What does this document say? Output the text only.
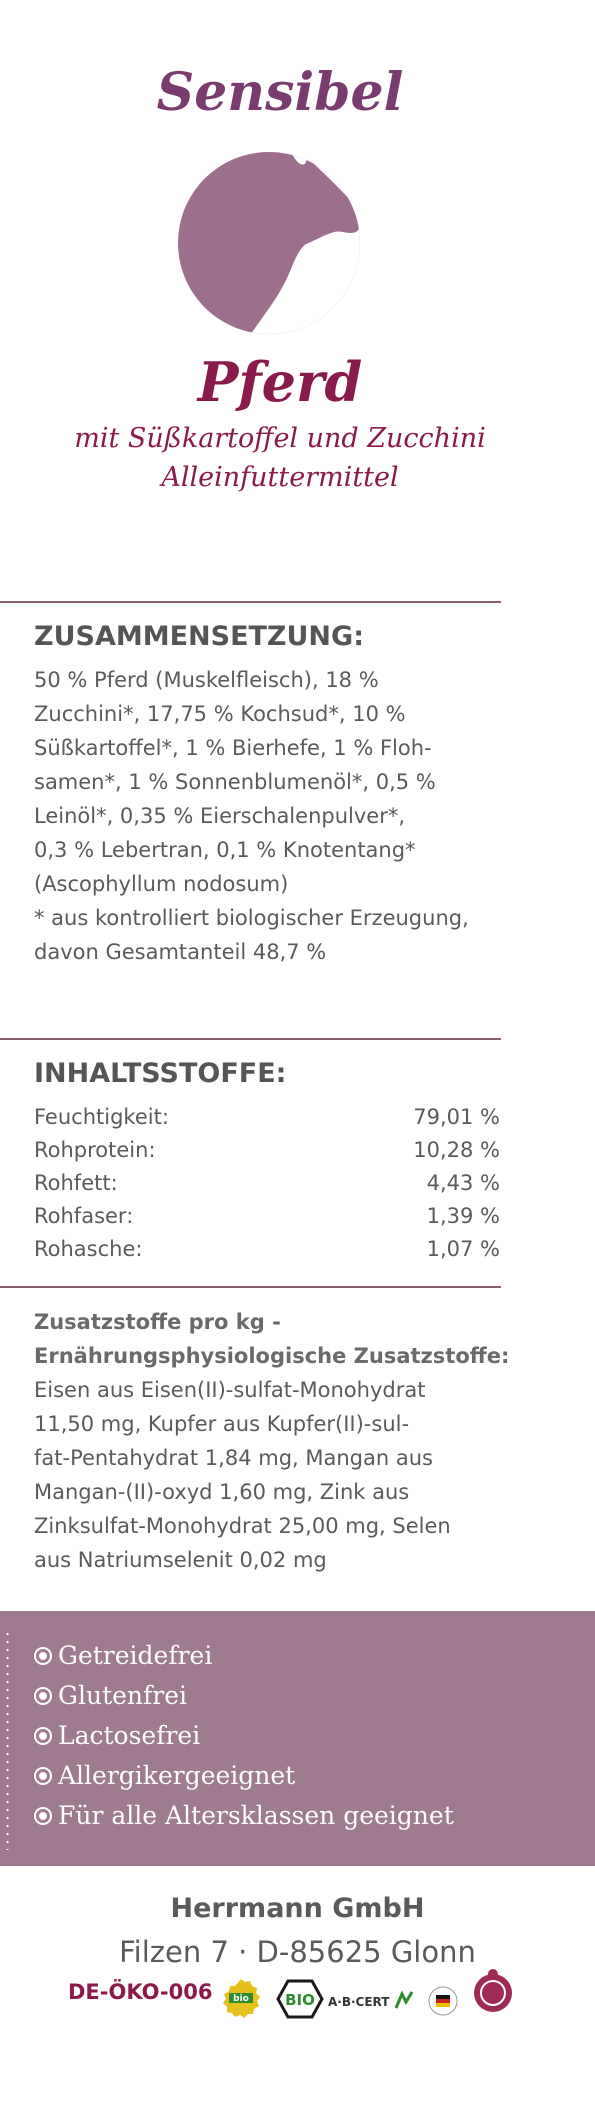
Sensibel
Pferd
mit Süßkartoffel und Zucchini
Alleinfuttermittel
ZUSAMMENSETZUNG:
50 % Pferd (Muskelfleisch), 18 %
Zucchini*, 17,75 % Kochsud*, 10 %
Süßkartoffel*, 1 % Bierhefe, 1 % Floh-
samen*, 1 % Sonnenblumenöl*, 0,5 %
Leinöl*, 0,35 % Eierschalenpulver*,
0,3 % Lebertran, 0,1 % Knotentang*
(Ascophyllum nodosum)
* aus kontrolliert biologischer Erzeugung,
davon Gesamtanteil 48,7 %
INHALTSSTOFFE:
Feuchtigkeit:	79,01 %
Rohprotein:	10,28 %
Rohfett:	4,43 %
Rohfaser:	1,39 %
Rohasche:	1,07 %
Zusatzstoffe pro kg -
Ernährungsphysiologische Zusatzstoffe:
Eisen aus Eisen(II)-sulfat-Monohydrat
11,50 mg, Kupfer aus Kupfer(II)-sul-
fat-Pentahydrat 1,84 mg, Mangan aus
Mangan-(II)-oxyd 1,60 mg, Zink aus
Zinksulfat-Monohydrat 25,00 mg, Selen
aus Natriumselenit 0,02 mg
Getreidefrei
Glutenfrei
Lactosefrei
Allergikergeeignet
Für alle Altersklassen geeignet
Herrmann GmbH
Filzen 7 · D-85625 Glonn
DE-ÖKO-006 bio BIO A·B·CERT
